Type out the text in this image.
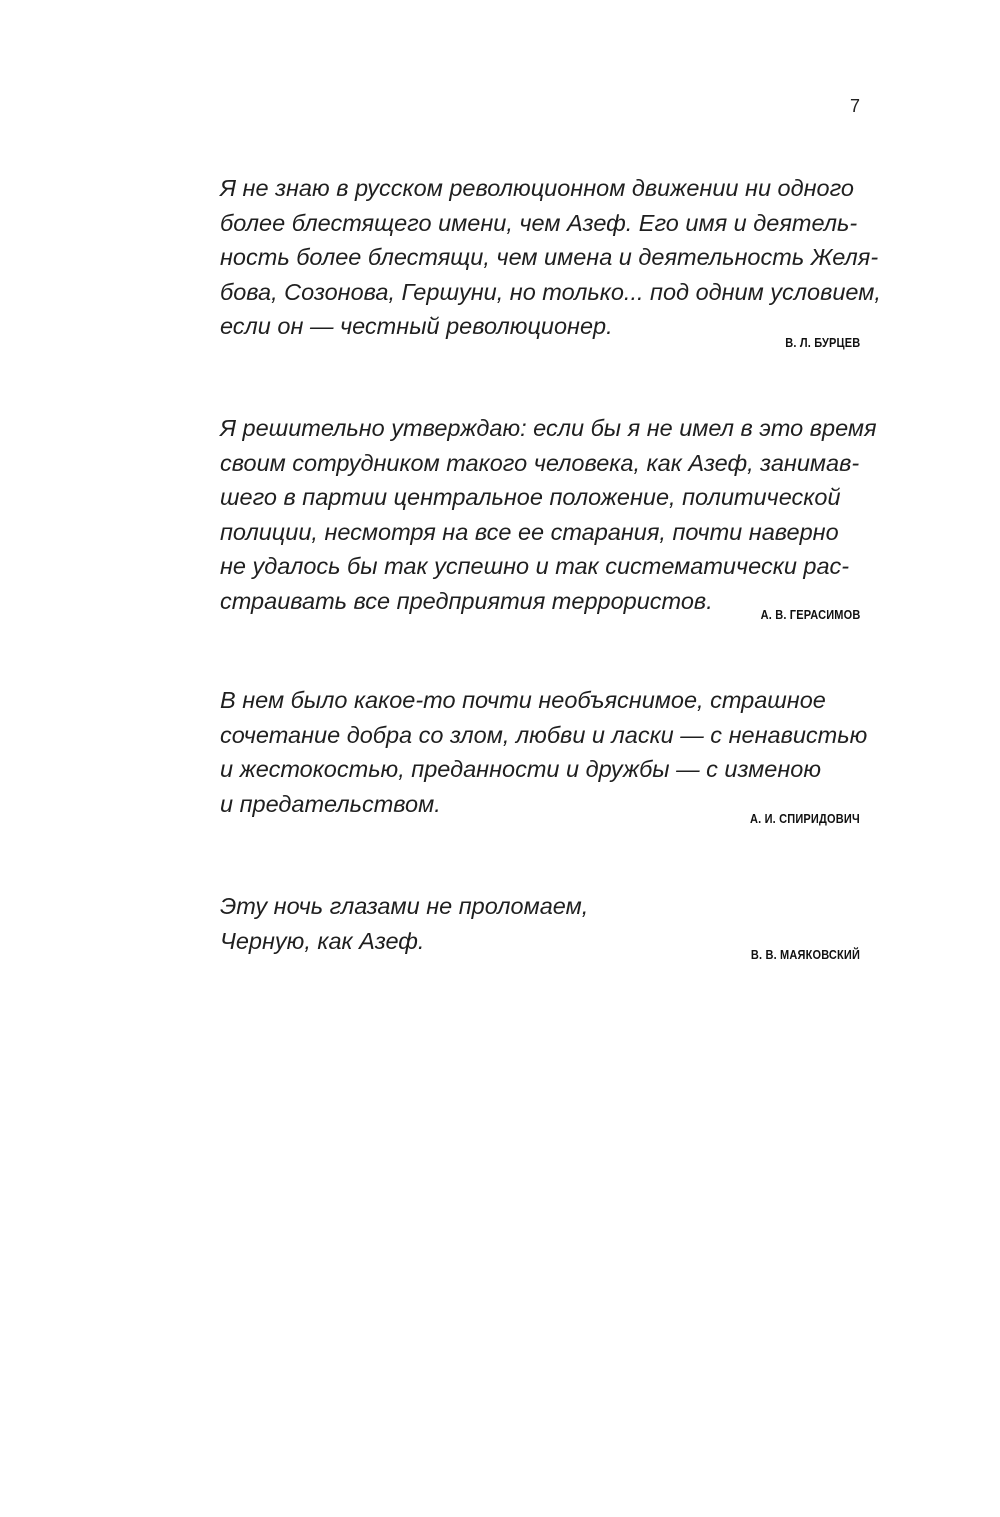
7
Я не знаю в русском революционном движении ни одного
более блестящего имени, чем Азеф. Его имя и деятель-
ность более блестящи, чем имена и деятельность Желя-
бова, Созонова, Гершуни, но только... под одним условием,
если он — честный революционер.
В. Л. БУРЦЕВ
Я решительно утверждаю: если бы я не имел в это время
своим сотрудником такого человека, как Азеф, занимав-
шего в партии центральное положение, политической
полиции, несмотря на все ее старания, почти наверно
не удалось бы так успешно и так систематически рас-
страивать все предприятия террористов.
А. В. ГЕРАСИМОВ
В нем было какое-то почти необъяснимое, страшное
сочетание добра со злом, любви и ласки — с ненавистью
и жестокостью, преданности и дружбы — с изменою
и предательством.
А. И. СПИРИДОВИЧ
Эту ночь глазами не проломаем,
Черную, как Азеф.
В. В. МАЯКОВСКИЙ
